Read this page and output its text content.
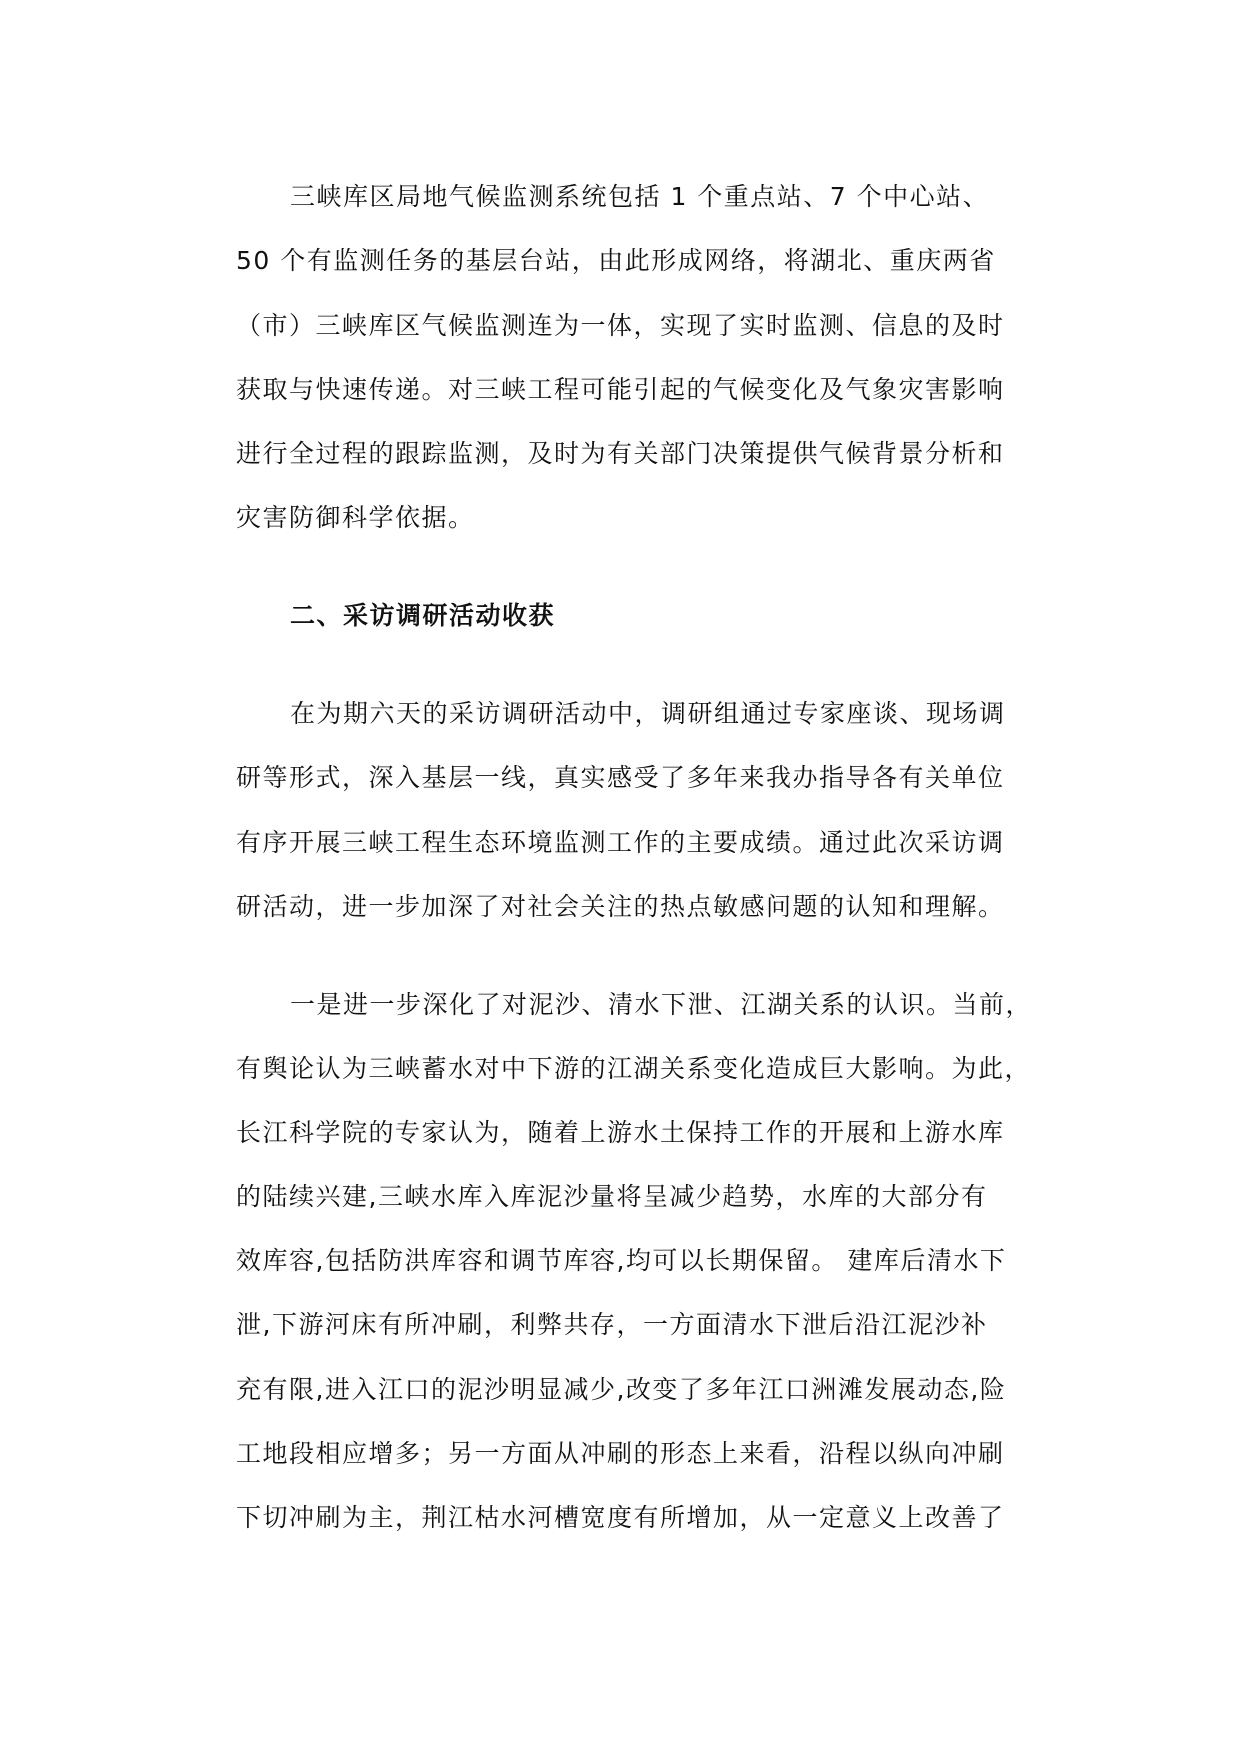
三峡库区局地气候监测系统包括 1 个重点站、7 个中心站、
50 个有监测任务的基层台站，由此形成网络，将湖北、重庆两省
（市）三峡库区气候监测连为一体，实现了实时监测、信息的及时
获取与快速传递。对三峡工程可能引起的气候变化及气象灾害影响
进行全过程的跟踪监测，及时为有关部门决策提供气候背景分析和
灾害防御科学依据。
二、采访调研活动收获
在为期六天的采访调研活动中，调研组通过专家座谈、现场调
研等形式，深入基层一线，真实感受了多年来我办指导各有关单位
有序开展三峡工程生态环境监测工作的主要成绩。通过此次采访调
研活动，进一步加深了对社会关注的热点敏感问题的认知和理解。
一是进一步深化了对泥沙、清水下泄、江湖关系的认识。当前，
有舆论认为三峡蓄水对中下游的江湖关系变化造成巨大影响。为此，
长江科学院的专家认为，随着上游水土保持工作的开展和上游水库
的陆续兴建,三峡水库入库泥沙量将呈减少趋势，水库的大部分有
效库容,包括防洪库容和调节库容,均可以长期保留。 建库后清水下
泄,下游河床有所冲刷，利弊共存，一方面清水下泄后沿江泥沙补
充有限,进入江口的泥沙明显减少,改变了多年江口洲滩发展动态,险
工地段相应增多；另一方面从冲刷的形态上来看，沿程以纵向冲刷
下切冲刷为主，荆江枯水河槽宽度有所增加，从一定意义上改善了
